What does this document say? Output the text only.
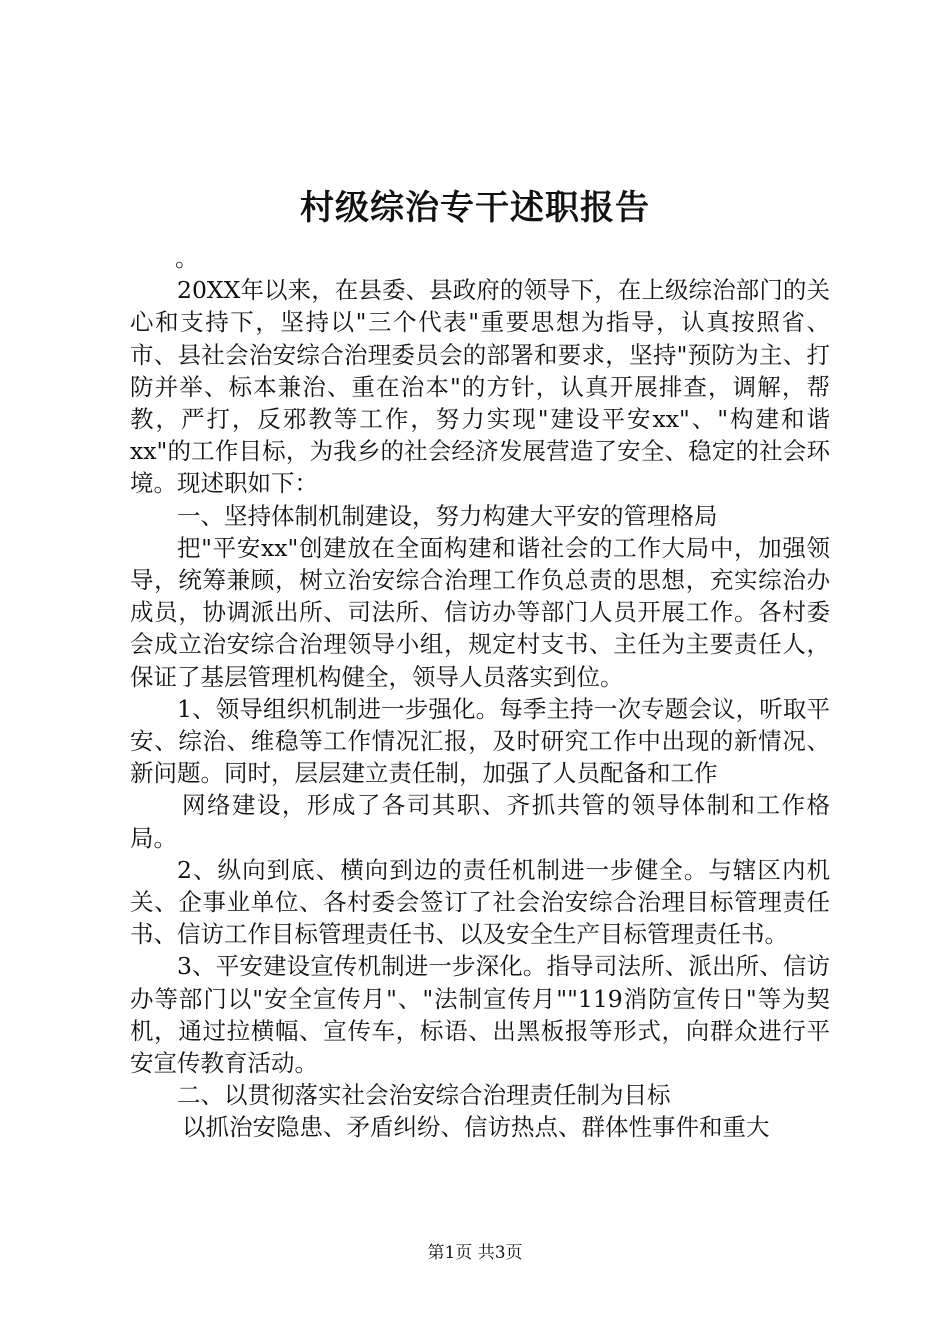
村级综治专干述职报告

。

20XX年以来，在县委、县政府的领导下，在上级综治部门的关心和支持下，坚持以"三个代表"重要思想为指导，认真按照省、市、县社会治安综合治理委员会的部署和要求，坚持"预防为主、打防并举、标本兼治、重在治本"的方针，认真开展排查，调解，帮教，严打，反邪教等工作，努力实现"建设平安xx"、"构建和谐xx"的工作目标，为我乡的社会经济发展营造了安全、稳定的社会环境。现述职如下：

一、坚持体制机制建设，努力构建大平安的管理格局

把"平安xx"创建放在全面构建和谐社会的工作大局中，加强领导，统筹兼顾，树立治安综合治理工作负总责的思想，充实综治办成员，协调派出所、司法所、信访办等部门人员开展工作。各村委会成立治安综合治理领导小组，规定村支书、主任为主要责任人，保证了基层管理机构健全，领导人员落实到位。

1、领导组织机制进一步强化。每季主持一次专题会议，听取平安、综治、维稳等工作情况汇报，及时研究工作中出现的新情况、新问题。同时，层层建立责任制，加强了人员配备和工作

网络建设，形成了各司其职、齐抓共管的领导体制和工作格局。

2、纵向到底、横向到边的责任机制进一步健全。与辖区内机关、企事业单位、各村委会签订了社会治安综合治理目标管理责任书、信访工作目标管理责任书、以及安全生产目标管理责任书。

3、平安建设宣传机制进一步深化。指导司法所、派出所、信访办等部门以"安全宣传月"、"法制宣传月""119消防宣传日"等为契机，通过拉横幅、宣传车，标语、出黑板报等形式，向群众进行平安宣传教育活动。

二、以贯彻落实社会治安综合治理责任制为目标

以抓治安隐患、矛盾纠纷、信访热点、群体性事件和重大

第1页 共3页
